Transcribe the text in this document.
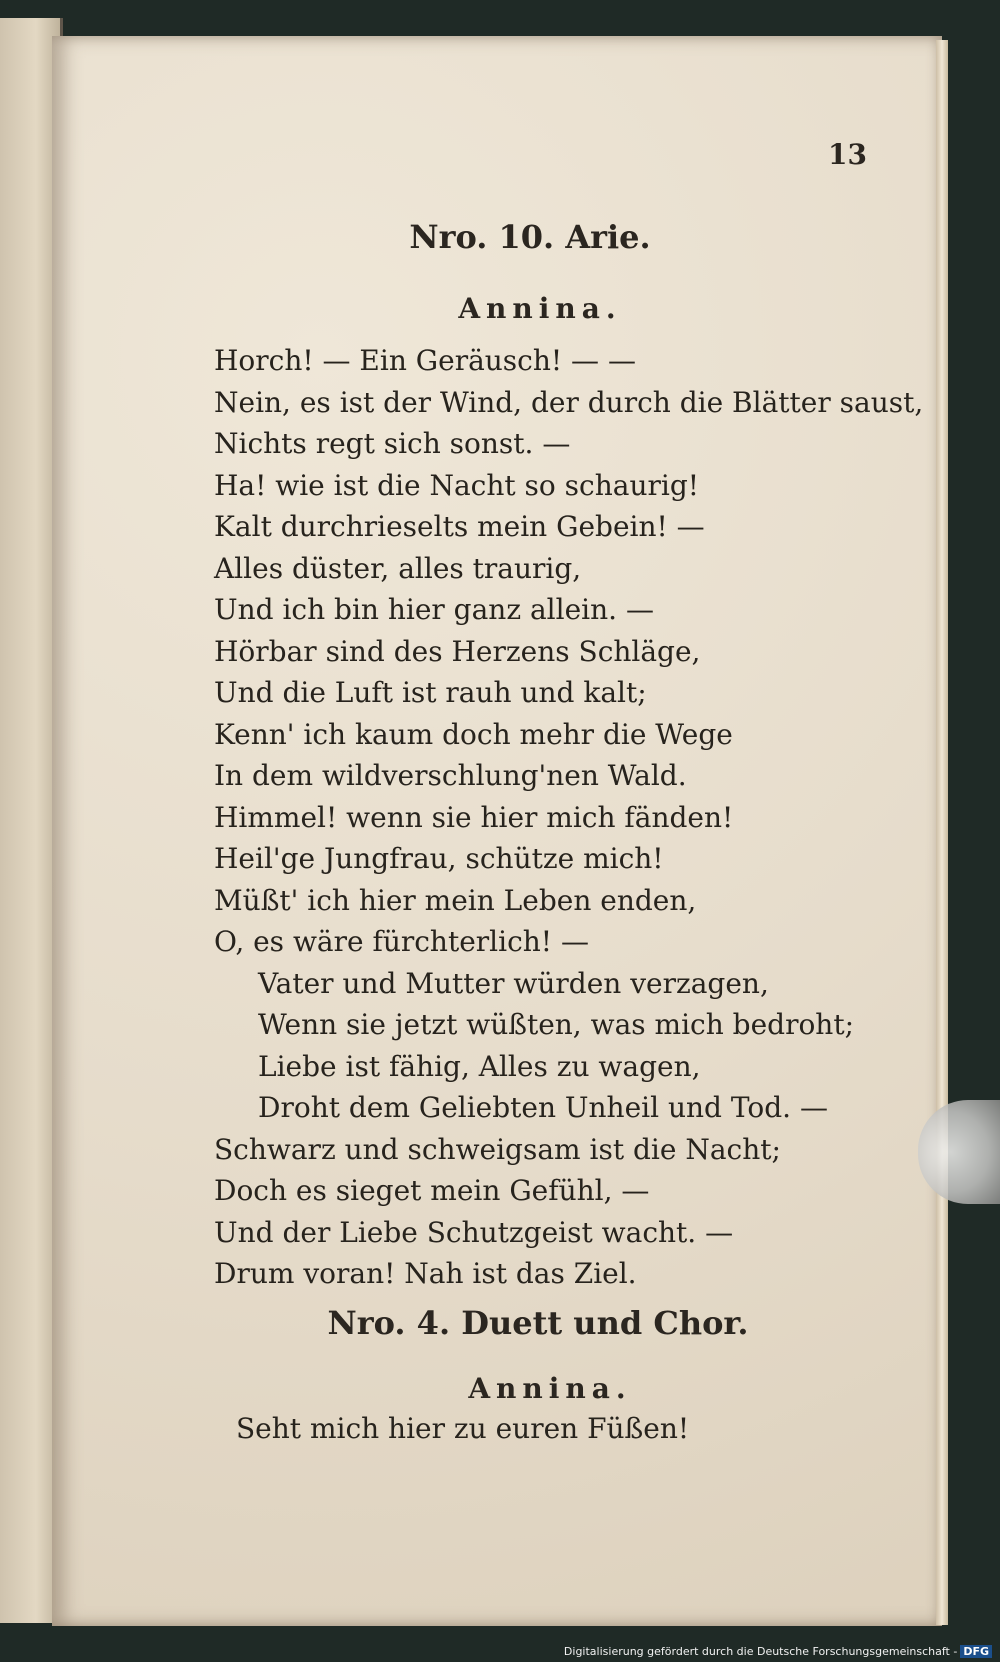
13
Nro. 10. Arie.
Annina.
Horch! — Ein Geräusch! — —
Nein, es ist der Wind, der durch die Blätter saust,
Nichts regt sich sonst. —
Ha! wie ist die Nacht so schaurig!
Kalt durchrieselts mein Gebein! —
Alles düster, alles traurig,
Und ich bin hier ganz allein. —
Hörbar sind des Herzens Schläge,
Und die Luft ist rauh und kalt;
Kenn' ich kaum doch mehr die Wege
In dem wildverschlung'nen Wald.
Himmel! wenn sie hier mich fänden!
Heil'ge Jungfrau, schütze mich!
Müßt' ich hier mein Leben enden,
O, es wäre fürchterlich! —
Vater und Mutter würden verzagen,
Wenn sie jetzt wüßten, was mich bedroht;
Liebe ist fähig, Alles zu wagen,
Droht dem Geliebten Unheil und Tod. —
Schwarz und schweigsam ist die Nacht;
Doch es sieget mein Gefühl, —
Und der Liebe Schutzgeist wacht. —
Drum voran! Nah ist das Ziel.
Nro. 4. Duett und Chor.
Annina.
Seht mich hier zu euren Füßen!
Digitalisierung gefördert durch die Deutsche Forschungsgemeinschaft - DFG
